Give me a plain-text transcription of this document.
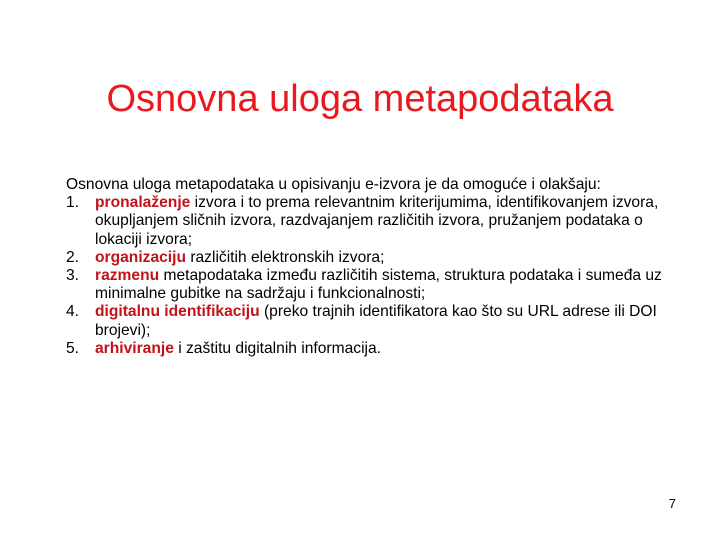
Osnovna uloga metapodataka

Osnovna uloga metapodataka u opisivanju e-izvora je da omoguće i olakšaju:

1. pronalaženje izvora i to prema relevantnim kriterijumima, identifikovanjem izvora, okupljanjem sličnih izvora, razdvajanjem različitih izvora, pružanjem podataka o lokaciji izvora;
2. organizaciju različitih elektronskih izvora;
3. razmenu metapodataka između različitih sistema, struktura podataka i sumeđa uz minimalne gubitke na sadržaju i funkcionalnosti;
4. digitalnu identifikaciju (preko trajnih identifikatora kao što su URL adrese ili DOI brojevi);
5. arhiviranje i zaštitu digitalnih informacija.
7
